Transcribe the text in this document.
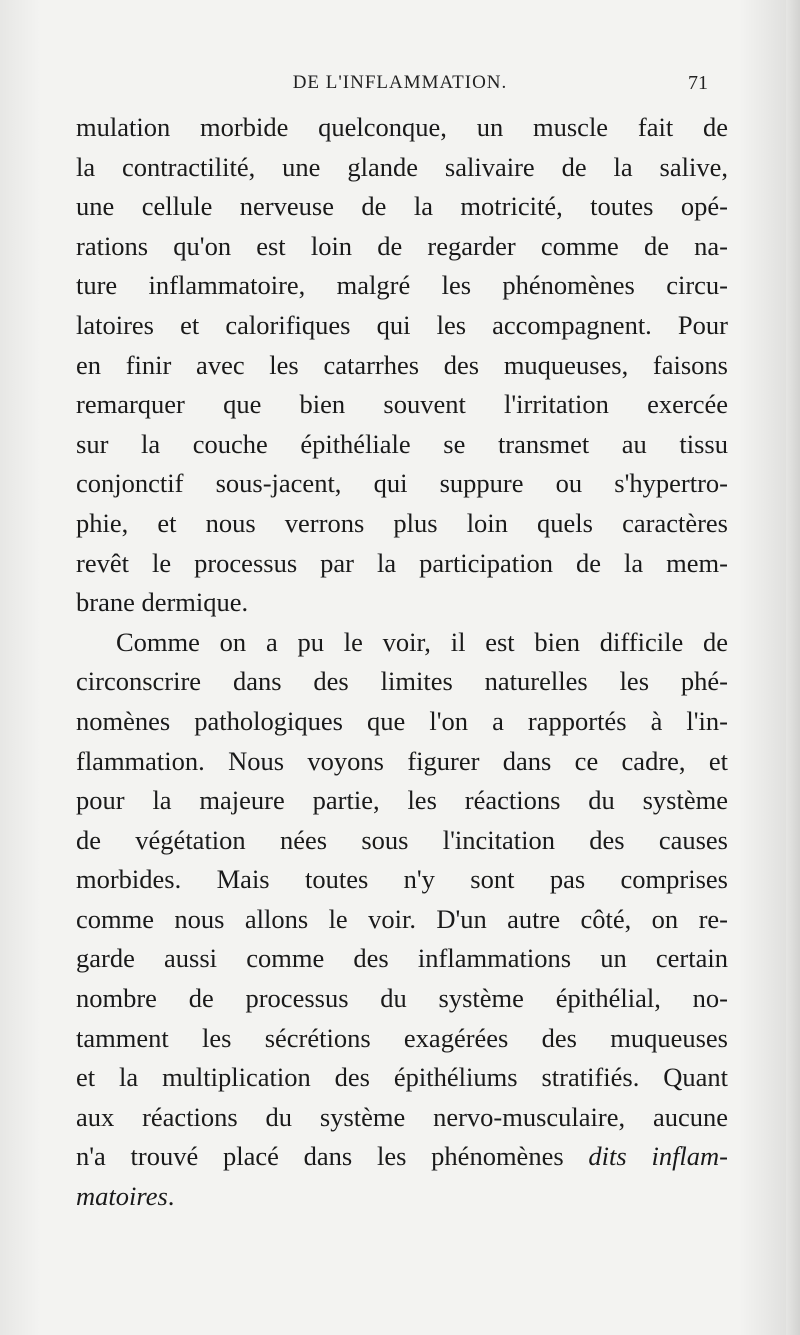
DE L'INFLAMMATION.	71
mulation morbide quelconque, un muscle fait de
la contractilité, une glande salivaire de la salive,
une cellule nerveuse de la motricité, toutes opé-
rations qu'on est loin de regarder comme de na-
ture inflammatoire, malgré les phénomènes circu-
latoires et calorifiques qui les accompagnent. Pour
en finir avec les catarrhes des muqueuses, faisons
remarquer que bien souvent l'irritation exercée
sur la couche épithéliale se transmet au tissu
conjonctif sous-jacent, qui suppure ou s'hypertro-
phie, et nous verrons plus loin quels caractères
revêt le processus par la participation de la mem-
brane dermique.
Comme on a pu le voir, il est bien difficile de
circonscrire dans des limites naturelles les phé-
nomènes pathologiques que l'on a rapportés à l'in-
flammation. Nous voyons figurer dans ce cadre, et
pour la majeure partie, les réactions du système
de végétation nées sous l'incitation des causes
morbides. Mais toutes n'y sont pas comprises
comme nous allons le voir. D'un autre côté, on re-
garde aussi comme des inflammations un certain
nombre de processus du système épithélial, no-
tamment les sécrétions exagérées des muqueuses
et la multiplication des épithéliums stratifiés. Quant
aux réactions du système nervo-musculaire, aucune
n'a trouvé placé dans les phénomènes dits inflam-
matoires.
